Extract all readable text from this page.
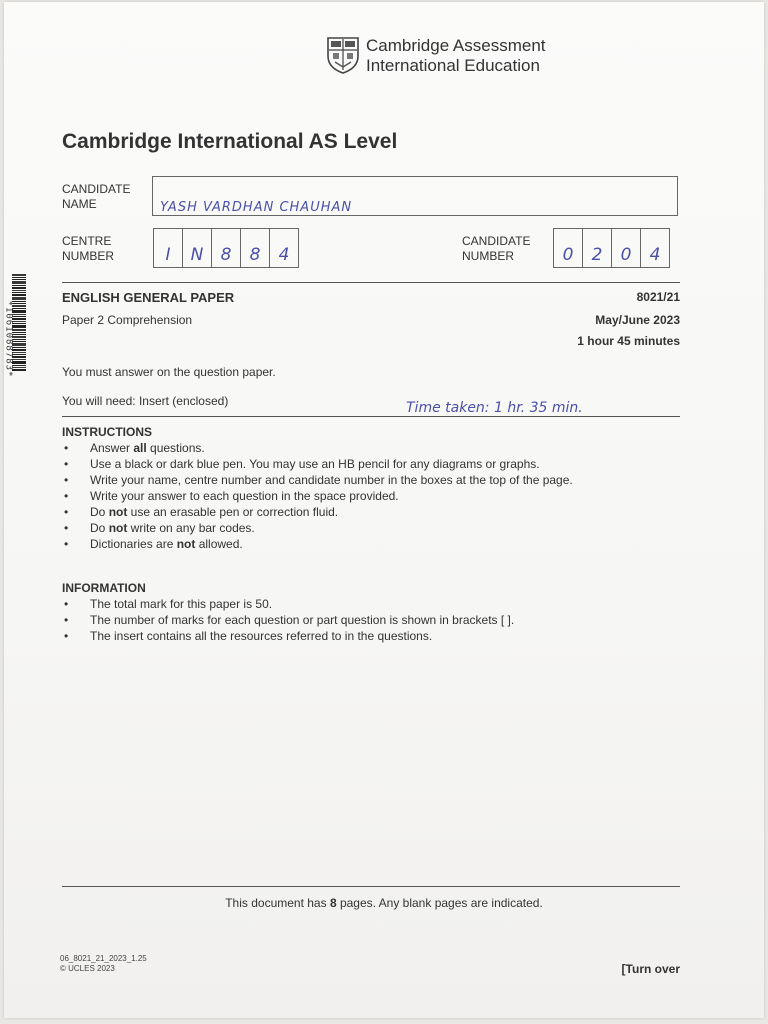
Cambridge Assessment
International Education
Cambridge International AS Level
CANDIDATE
NAME	YASH VARDHAN CHAUHAN
CENTRE
NUMBER	I	N	8	8	4
CANDIDATE
NUMBER	0	2	0	4
ENGLISH GENERAL PAPER	8021/21
Paper 2 Comprehension	May/June 2023
1 hour 45 minutes
You must answer on the question paper.
You will need: Insert (enclosed)	Time taken: 1 hr. 35 min.
INSTRUCTIONS
• Answer all questions.
• Use a black or dark blue pen. You may use an HB pencil for any diagrams or graphs.
• Write your name, centre number and candidate number in the boxes at the top of the page.
• Write your answer to each question in the space provided.
• Do not use an erasable pen or correction fluid.
• Do not write on any bar codes.
• Dictionaries are not allowed.
INFORMATION
• The total mark for this paper is 50.
• The number of marks for each question or part question is shown in brackets [ ].
• The insert contains all the resources referred to in the questions.
This document has 8 pages. Any blank pages are indicated.
06_8021_21_2023_1.25
© UCLES 2023	[Turn over
*1061088783*
